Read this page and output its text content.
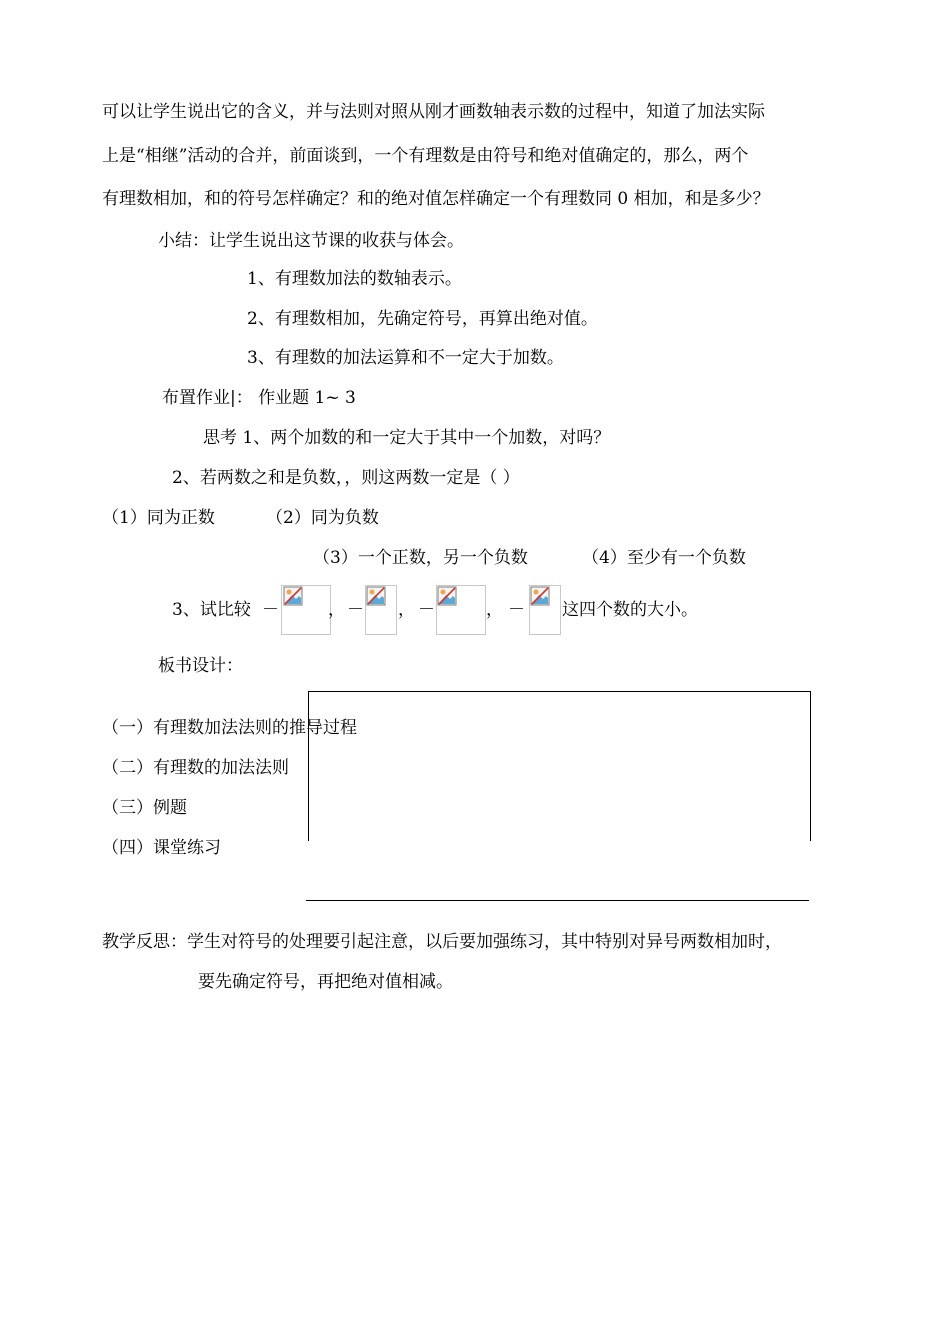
可以让学生说出它的含义，并与法则对照从刚才画数轴表示数的过程中，知道了加法实际
上是“相继”活动的合并，前面谈到，一个有理数是由符号和绝对值确定的，那么，两个
有理数相加，和的符号怎样确定？和的绝对值怎样确定一个有理数同 0 相加，和是多少？
小结：让学生说出这节课的收获与体会。
1、有理数加法的数轴表示。
2、有理数相加，先确定符号，再算出绝对值。
3、有理数的加法运算和不一定大于加数。
布置作业|： 作业题 1~ 3
思考 1、两个加数的和一定大于其中一个加数，对吗？
2、若两数之和是负数，，则这两数一定是（ ）
（1）同为正数	（2）同为负数
（3）一个正数，另一个负数	（4）至少有一个负数
3、试比较 －	， － ， －	， － 这四个数的大小。
板书设计：
（一）有理数加法法则的推导过程
（二）有理数的加法法则
（三）例题
（四）课堂练习
教学反思：学生对符号的处理要引起注意，以后要加强练习，其中特别对异号两数相加时，
要先确定符号，再把绝对值相减。
